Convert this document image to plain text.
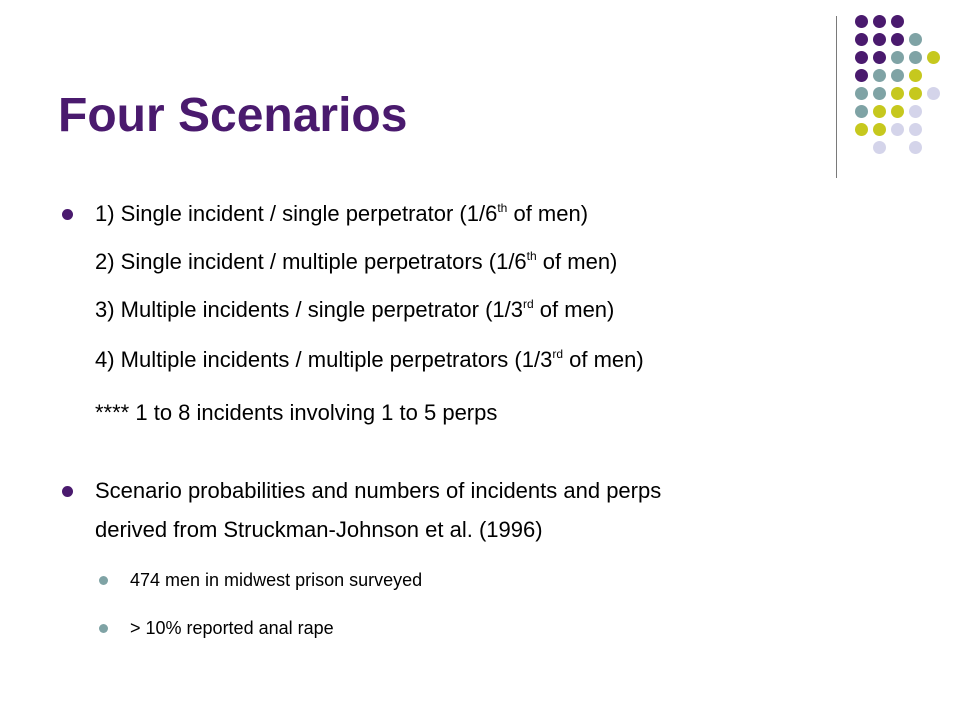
Four Scenarios

1) Single incident / single perpetrator (1/6th of men)

2) Single incident / multiple perpetrators (1/6th of men)

3) Multiple incidents / single perpetrator (1/3rd of men)

4) Multiple incidents / multiple perpetrators (1/3rd of men)

**** 1 to 8 incidents involving 1 to 5 perps

Scenario probabilities and numbers of incidents and perps

derived from Struckman-Johnson et al. (1996)

474 men in midwest prison surveyed

> 10% reported anal rape
